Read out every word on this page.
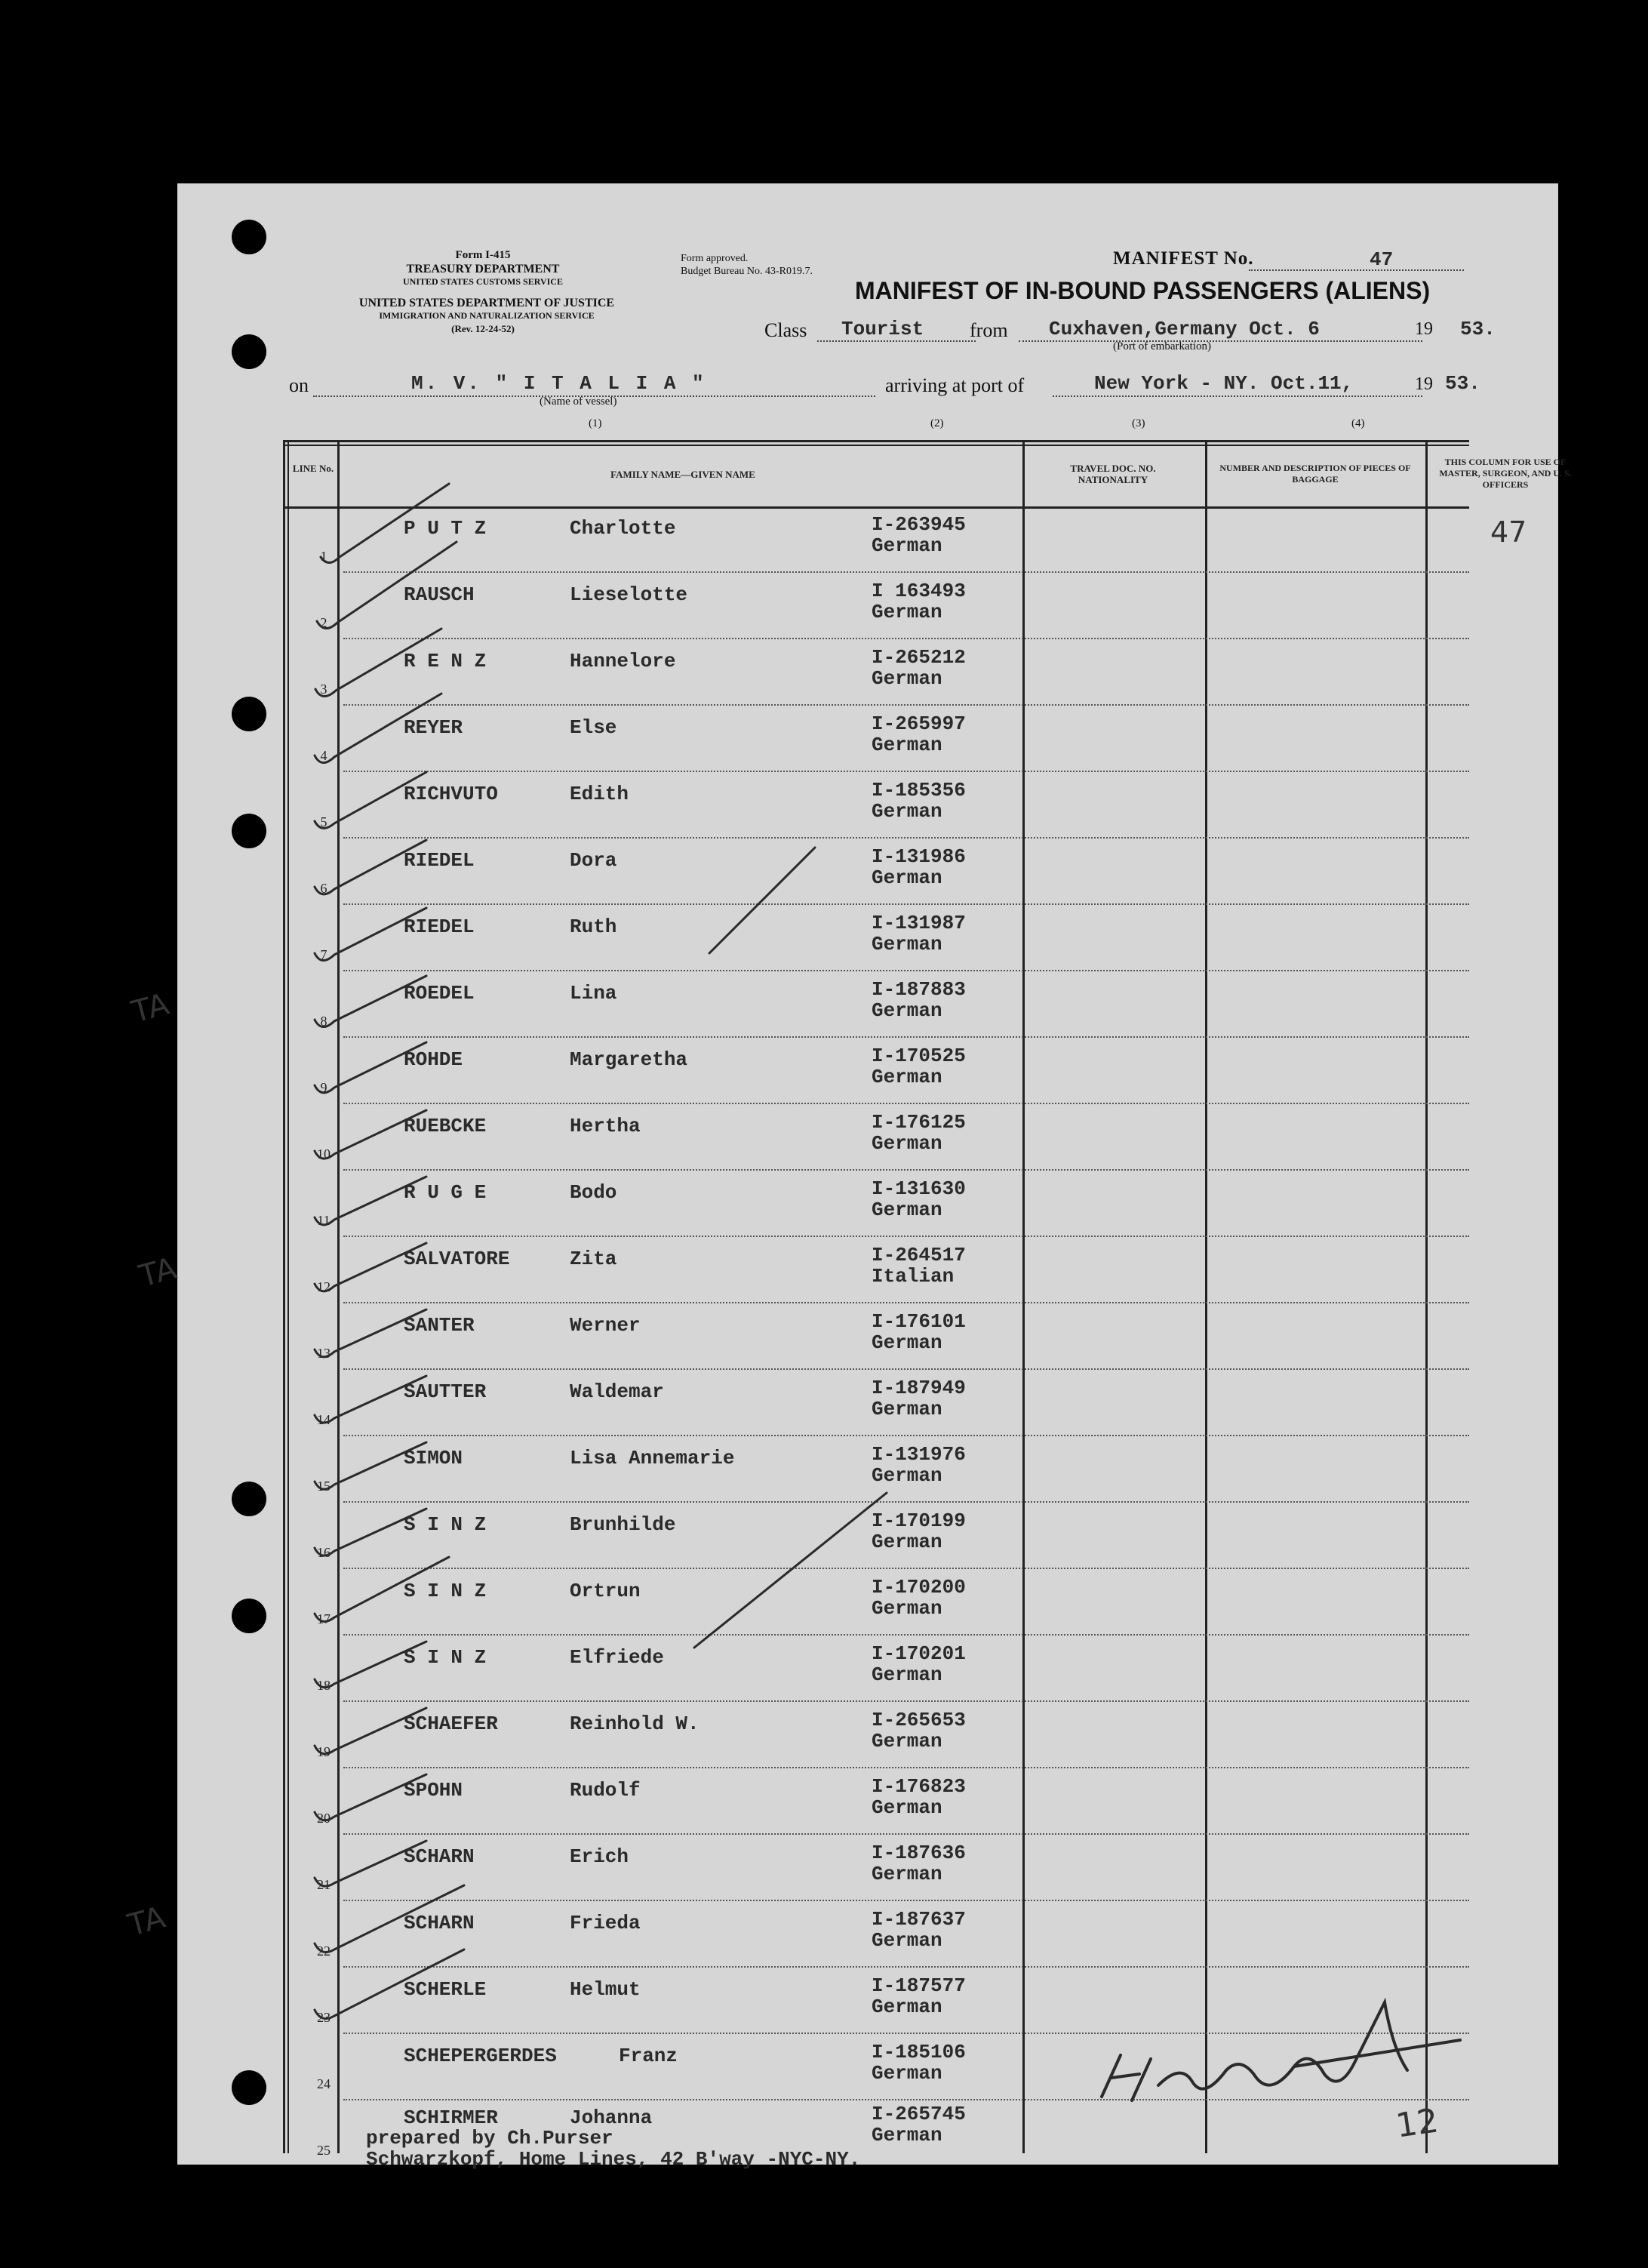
Form I-415
TREASURY DEPARTMENT
UNITED STATES CUSTOMS SERVICE
UNITED STATES DEPARTMENT OF JUSTICE
IMMIGRATION AND NATURALIZATION SERVICE
(Rev. 12-24-52)
Form approved.
Budget Bureau No. 43-R019.7.
MANIFEST No.	47
MANIFEST OF IN-BOUND PASSENGERS (ALIENS)
Class Tourist from Cuxhaven,Germany Oct. 6	19 53.
(Port of embarkation)
on	M. V. " I T A L I A "
(Name of vessel)
arriving at port of	New York - NY. Oct.11,	19 53.
(1)	(2)	(3)	(4)
LINE No.
FAMILY NAME—GIVEN NAME
TRAVEL DOC. NO. NATIONALITY
NUMBER AND DESCRIPTION OF PIECES OF BAGGAGE
THIS COLUMN FOR USE OF MASTER, SURGEON, AND U. S. OFFICERS
1
P U T Z	Charlotte	I-263945
German
2
RAUSCH	Lieselotte	I 163493
German
3
R E N Z	Hannelore	I-265212
German
4
REYER	Else	I-265997
German
5
RICHVUTO	Edith	I-185356
German
6
RIEDEL	Dora	I-131986
German
7
RIEDEL	Ruth	I-131987
German
8
ROEDEL	Lina	I-187883
German
9
ROHDE	Margaretha	I-170525
German
10
RUEBCKE	Hertha	I-176125
German
11
R U G E	Bodo	I-131630
German
12
SALVATORE	Zita	I-264517
Italian
13
SANTER	Werner	I-176101
German
14
SAUTTER	Waldemar	I-187949
German
15
SIMON	Lisa Annemarie	I-131976
German
16
S I N Z	Brunhilde	I-170199
German
17
S I N Z	Ortrun	I-170200
German
18
S I N Z	Elfriede	I-170201
German
19
SCHAEFER	Reinhold W.	I-265653
German
20
SPOHN	Rudolf	I-176823
German
21
SCHARN	Erich	I-187636
German
22
SCHARN	Frieda	I-187637
German
23
SCHERLE	Helmut	I-187577
German
24
SCHEPERGERDES	Franz	I-185106
German
25
SCHIRMER	Johanna	I-265745
German
prepared by Ch.Purser
Schwarzkopf, Home Lines, 42 B'way -NYC-NY.
47
TA
TA
TA
12
